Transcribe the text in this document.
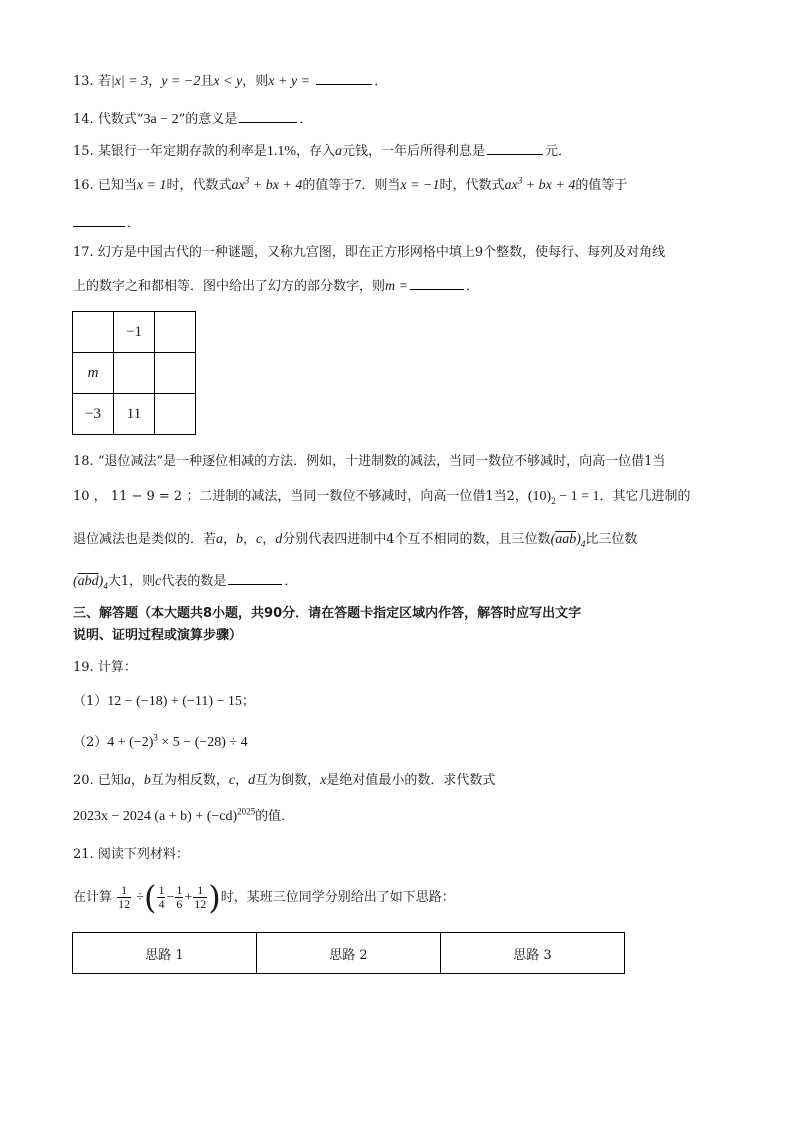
13. 若|x| = 3，y = −2且x < y，则x + y =	．
14. 代数式“3a − 2”的意义是	．
15. 某银行一年定期存款的利率是1.1%，存入a元钱，一年后所得利息是	元．
16. 已知当x = 1时，代数式$ax^3$ + bx + 4的值等于7．则当x = −1时，代数式$ax^3$ + bx + 4的值等于
．
17. 幻方是中国古代的一种谜题，又称九宫图，即在正方形网格中填上9个整数，使每行、每列及对角线
上的数字之和都相等．图中给出了幻方的部分数字，则m =	．
	−1	
m		
−3	11	
18. “退位减法”是一种逐位相减的方法．例如，十进制数的减法，当同一数位不够减时，向高一位借1当
10 ， 11 − 9 = 2 ；二进制的减法，当同一数位不够减时，向高一位借1当2，$(10)_2 - 1 = 1$．其它几进制的
退位减法也是类似的．若a，b，c，d分别代表四进制中4个互不相同的数，且三位数$(\overline{aab})_4$比三位数
$(\overline{abd})_4$大1，则c代表的数是	．
三、解答题（本大题共8小题，共90分．请在答题卡指定区域内作答，解答时应写出文字
说明、证明过程或演算步骤）
19. 计算：
（1）12 − (−18) + (−11) − 15；
$(2)4 + (-2)^3 \times 5 - (-28) \div 4$
20. 已知a，b互为相反数，c，d互为倒数，x是绝对值最小的数．求代数式
2023x − 2024 $(a + b) + (-cd)^{2025}$的值．
21. 阅读下列材料：
在计算 $\frac{1}{12}$ ÷( $\frac{1}{4} - \frac{1}{6} + \frac{1}{12}$ )时，某班三位同学分别给出了如下思路：
思路 1	思路 2	思路 3
